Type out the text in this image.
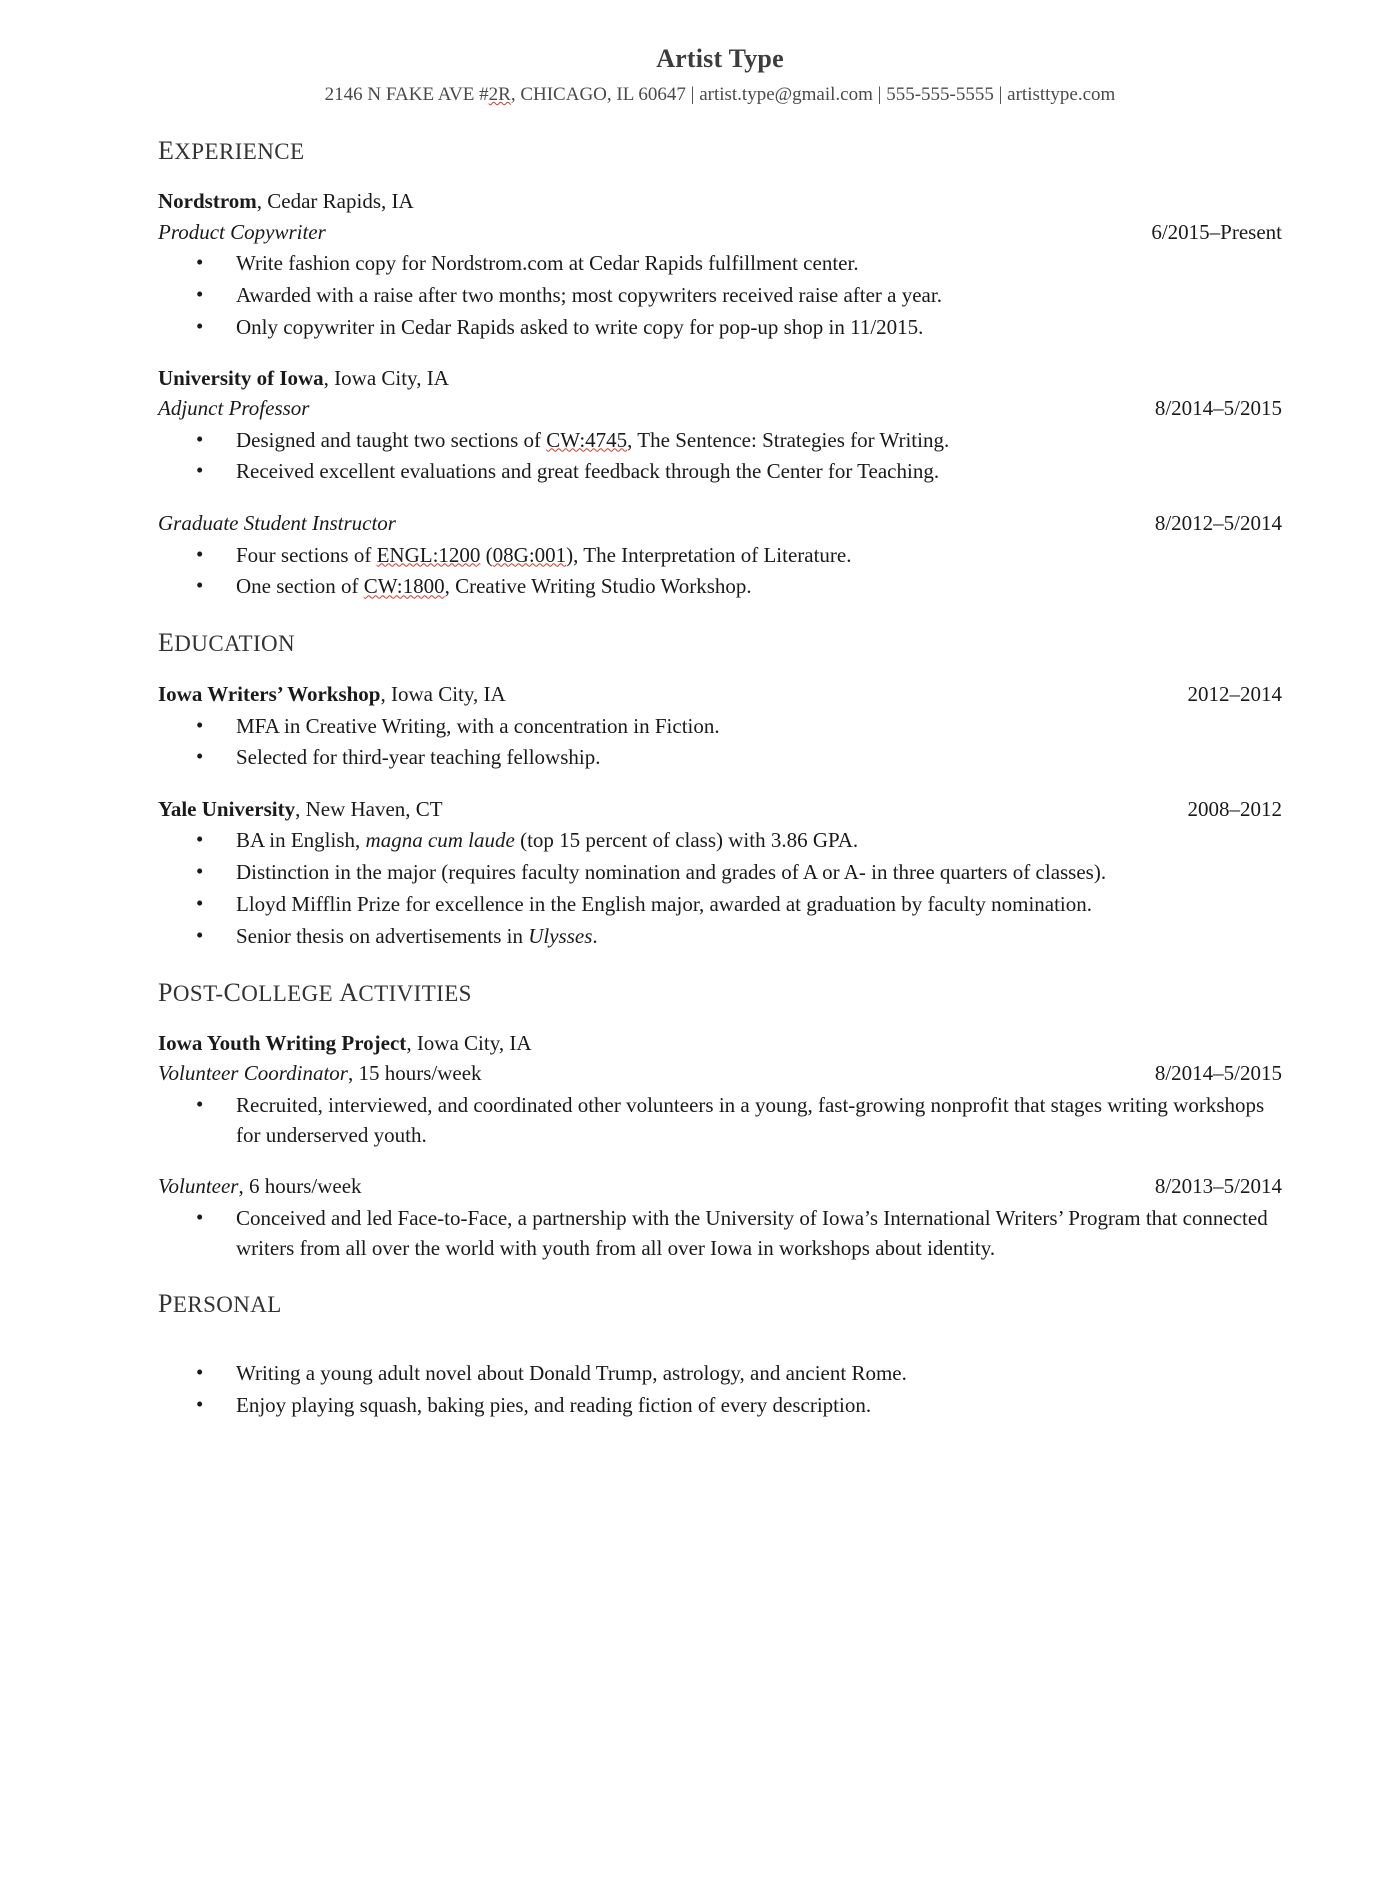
Artist Type
2146 N FAKE AVE #2R, CHICAGO, IL 60647 | artist.type@gmail.com | 555-555-5555 | artisttype.com
EXPERIENCE
Nordstrom, Cedar Rapids, IA
Product Copywriter	6/2015–Present
• Write fashion copy for Nordstrom.com at Cedar Rapids fulfillment center.
• Awarded with a raise after two months; most copywriters received raise after a year.
• Only copywriter in Cedar Rapids asked to write copy for pop-up shop in 11/2015.
University of Iowa, Iowa City, IA
Adjunct Professor	8/2014–5/2015
• Designed and taught two sections of CW:4745, The Sentence: Strategies for Writing.
• Received excellent evaluations and great feedback through the Center for Teaching.
Graduate Student Instructor	8/2012–5/2014
• Four sections of ENGL:1200 (08G:001), The Interpretation of Literature.
• One section of CW:1800, Creative Writing Studio Workshop.
EDUCATION
Iowa Writers’ Workshop, Iowa City, IA	2012–2014
• MFA in Creative Writing, with a concentration in Fiction.
• Selected for third-year teaching fellowship.
Yale University, New Haven, CT	2008–2012
• BA in English, magna cum laude (top 15 percent of class) with 3.86 GPA.
• Distinction in the major (requires faculty nomination and grades of A or A- in three quarters of classes).
• Lloyd Mifflin Prize for excellence in the English major, awarded at graduation by faculty nomination.
• Senior thesis on advertisements in Ulysses.
POST-COLLEGE ACTIVITIES
Iowa Youth Writing Project, Iowa City, IA
Volunteer Coordinator, 15 hours/week	8/2014–5/2015
• Recruited, interviewed, and coordinated other volunteers in a young, fast-growing nonprofit that stages writing workshops for underserved youth.
Volunteer, 6 hours/week	8/2013–5/2014
• Conceived and led Face-to-Face, a partnership with the University of Iowa’s International Writers’ Program that connected writers from all over the world with youth from all over Iowa in workshops about identity.
PERSONAL
• Writing a young adult novel about Donald Trump, astrology, and ancient Rome.
• Enjoy playing squash, baking pies, and reading fiction of every description.
